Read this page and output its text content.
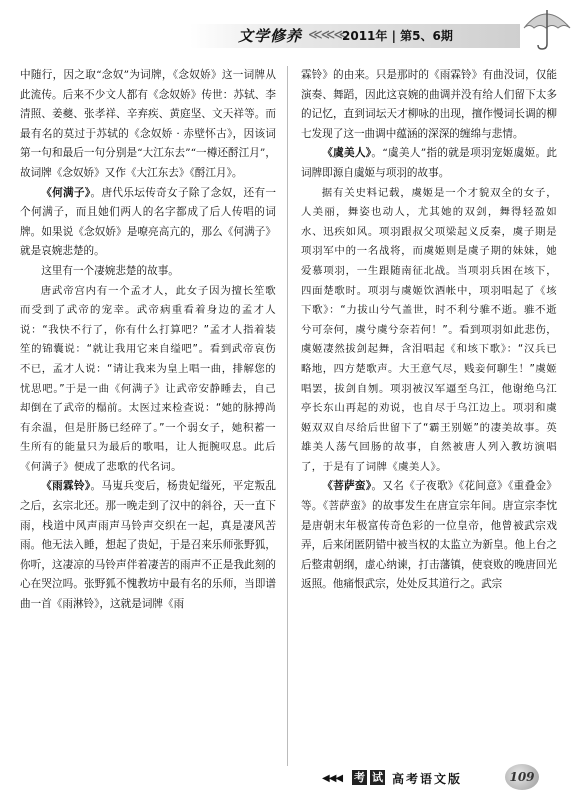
文学修养 ≪≪≪
2011年 | 第5、6期

中随行，因之取“念奴”为词牌，《念奴娇》这一词牌从此流传。后来不少文人都有《念奴娇》传世：苏轼、李清照、姜夔、张孝祥、辛弃疾、黄庭坚、文天祥等。而最有名的莫过于苏轼的《念奴娇 · 赤壁怀古》，因该词第一句和最后一句分别是“大江东去”“一樽还酹江月”，故词牌《念奴娇》又作《大江东去》《酹江月》。

《何满子》。唐代乐坛传奇女子除了念奴，还有一个何满子，而且她们两人的名字都成了后人传唱的词牌。如果说《念奴娇》是嘹亮高亢的，那么《何满子》就是哀婉悲楚的。

这里有一个凄婉悲楚的故事。

唐武帝宫内有一个孟才人，此女子因为擅长笙歌而受到了武帝的宠幸。武帝病重看着身边的孟才人说：“我快不行了，你有什么打算吧？”孟才人指着装笙的锦囊说：“就让我用它来自缢吧”。看到武帝哀伤不已，孟才人说：“请让我来为皇上唱一曲，排解您的忧思吧。”于是一曲《何满子》让武帝安静睡去，自己却倒在了武帝的榻前。太医过来检查说：“她的脉搏尚有余温，但是肝肠已经碎了。”一个弱女子，她积蓄一生所有的能量只为最后的歌唱，让人扼腕叹息。此后《何满子》便成了悲歌的代名词。

《雨霖铃》。马嵬兵变后，杨贵妃缢死，平定叛乱之后，玄宗北还。那一晚走到了汉中的斜谷，天一直下雨，栈道中风声雨声马铃声交织在一起，真是凄风苦雨。他无法入睡，想起了贵妃，于是召来乐师张野狐，你听，这凄凉的马铃声伴着凄苦的雨声不正是我此刻的心在哭泣吗。张野狐不愧教坊中最有名的乐师，当即谱曲一首《雨淋铃》，这就是词牌《雨

霖铃》的由来。只是那时的《雨霖铃》有曲没词，仅能演奏、舞蹈，因此这哀婉的曲调并没有给人们留下太多的记忆，直到词坛天才柳咏的出现，擅作慢词长调的柳七发现了这一曲调中蕴涵的深深的缠绵与悲情。

《虞美人》。“虞美人”指的就是项羽宠姬虞姬。此词牌即源自虞姬与项羽的故事。

据有关史料记载，虞姬是一个才貌双全的女子，人美丽，舞姿也动人，尤其她的双剑，舞得轻盈如水、迅疾如风。项羽跟叔父项梁起义反秦，虞子期是项羽军中的一名战将，而虞姬则是虞子期的妹妹，她爱慕项羽，一生跟随南征北战。当项羽兵困在垓下，四面楚歌时。项羽与虞姬饮酒帐中，项羽唱起了《垓下歌》：“力拔山兮气盖世，时不利兮骓不逝。骓不逝兮可奈何，虞兮虞兮奈若何！”。看到项羽如此悲伤，虞姬凄然拔剑起舞，含泪唱起《和垓下歌》：“汉兵已略地，四方楚歌声。大王意气尽，贱妾何聊生！”虞姬唱罢，拔剑自刎。项羽被汉军逼至乌江，他谢绝乌江亭长东山再起的劝说，也自尽于乌江边上。项羽和虞姬双双自尽给后世留下了“霸王别姬”的凄美故事。英雄美人荡气回肠的故事，自然被唐人列入教坊演唱了，于是有了词牌《虞美人》。

《菩萨蛮》。又名《子夜歌》《花间意》《重叠金》等。《菩萨蛮》的故事发生在唐宣宗年间。唐宣宗李忱是唐朝末年极富传奇色彩的一位皇帝，他曾被武宗戏弄，后来闭匿阴错中被当权的太监立为新皇。他上台之后整肃朝纲，虚心纳谏，打击藩镇，使衰败的晚唐回光返照。他痛恨武宗，处处反其道行之。武宗

◀◀◀ 考 试 高考语文版	109
